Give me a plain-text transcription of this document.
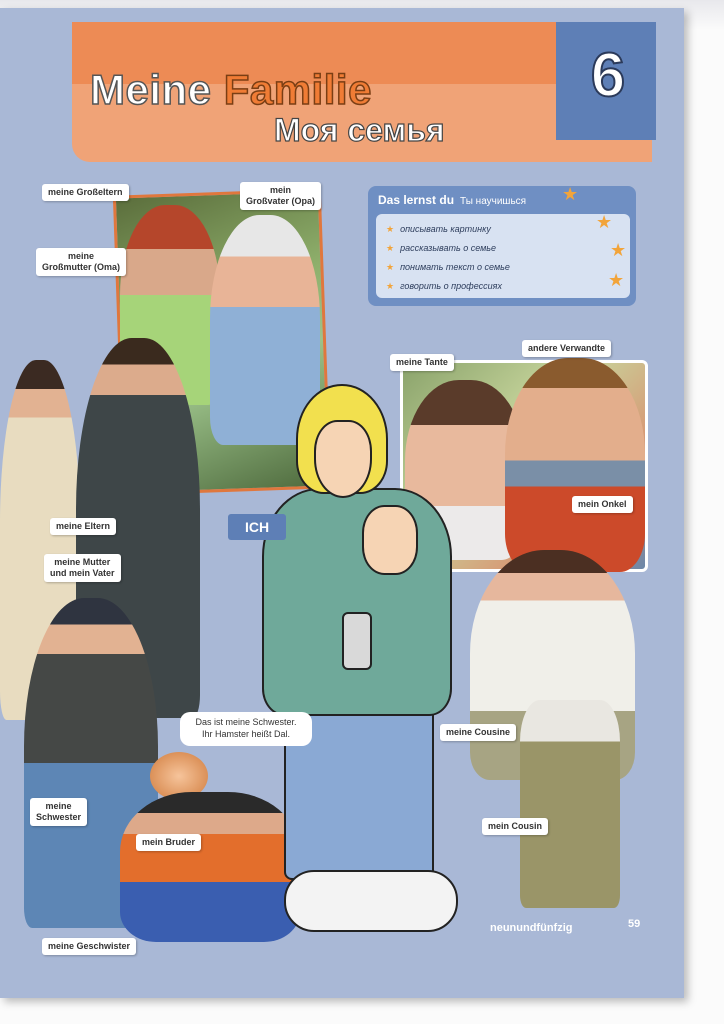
6
Meine Familie
Моя семья
Das lernst du Ты научишься
★ описывать картинку
★ рассказывать о семье
★ понимать текст о семье
★ говорить о профессиях
★
★
★
★
meine Großeltern	mein
Großvater (Opa)
meine
Großmutter (Oma)
meine Tante
andere Verwandte
mein Onkel
meine Eltern
meine Mutter
und mein Vater
meine
Schwester
mein Bruder
meine Geschwister
meine Cousine
mein Cousin
ICH
Das ist meine Schwester.
Ihr Hamster heißt Dal.
neunundfünfzig	59
